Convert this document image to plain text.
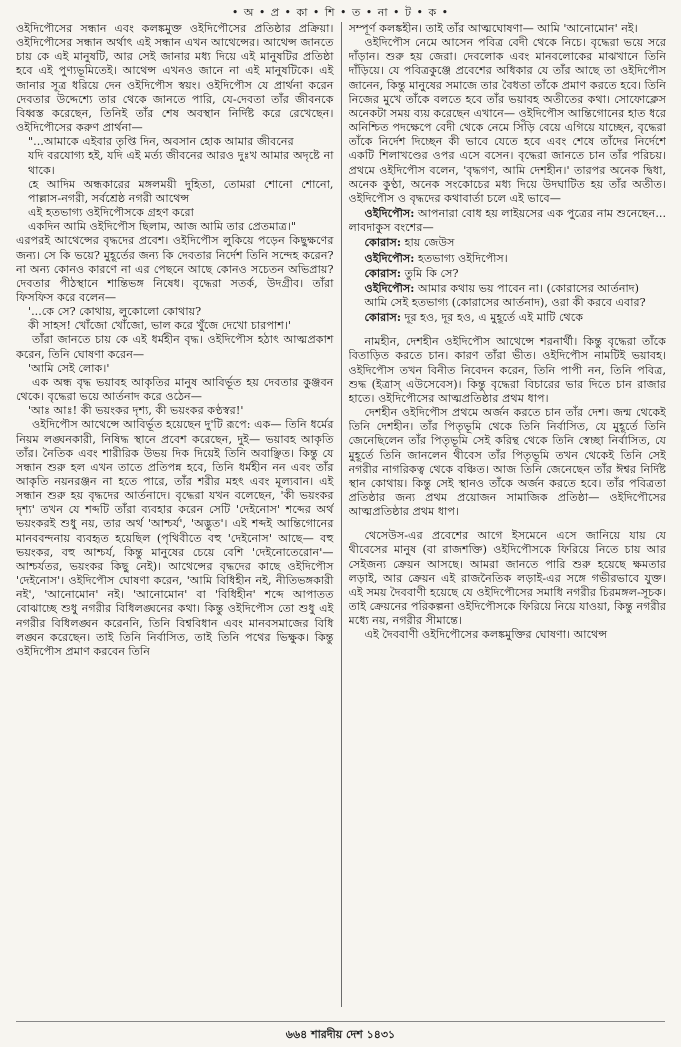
• অ • প্র • কা • শি • ত • না • ট • ক •

ওইদিপৌসের সন্ধান এবং কলঙ্কমুক্ত ওইদিপৌসের প্রতিষ্ঠার প্রক্রিয়া। ওইদিপৌসের সন্ধান অর্থাৎ এই সন্ধান এখন আথেন্সের। আথেন্স জানতে চায় কে এই মানুষটি, আর সেই জানার মধ্য দিয়ে এই মানুষটির প্রতিষ্ঠা হবে এই পুণ্যভূমিতেই। আথেন্স এখনও জানে না এই মানুষটিকে। এই জানার সূত্র ধরিয়ে দেন ওইদিপৌস স্বয়ং। ওইদিপৌস যে প্রার্থনা করেন দেবতার উদ্দেশ্যে তার থেকে জানতে পারি, যে-দেবতা তাঁর জীবনকে বিধ্বস্ত করেছেন, তিনিই তাঁর শেষ অবস্থান নির্দিষ্ট করে রেখেছেন। ওইদিপৌসের করুণ প্রার্থনা—

"...আমাকে এইবার তৃপ্তি দিন, অবসান হোক আমার জীবনের

যদি বরযোগ্য হই, যদি এই মর্ত্য জীবনের আরও দুঃখ আমার অদৃষ্টে না থাকে।

হে আদিম অন্ধকারের মঙ্গলময়ী দুহিতা, তোমরা শোনো শোনো, পাল্লাস-নগরী, সর্বশ্রেষ্ঠ নগরী আথেন্স

এই হতভাগ্য ওইদিপৌসকে গ্রহণ করো

একদিন আমি ওইদিপৌস ছিলাম, আজ আমি তার প্রেতমাত্র।"

এরপরই আথেন্সের বৃদ্ধদের প্রবেশ। ওইদিপৌস লুকিয়ে পড়েন কিছুক্ষণের জন্য। সে কি ভয়ে? মুহূর্তের জন্য কি দেবতার নির্দেশ তিনি সন্দেহ করেন? না অন্য কোনও কারণে না এর পেছনে আছে কোনও সচেতন অভিপ্রায়? দেবতার পীঠস্থানে শান্তিভঙ্গ নিষেধ। বৃদ্ধেরা সতর্ক, উদগ্রীব। তাঁরা ফিসফিস করে বলেন—

'...কে সে? কোথায়, লুকোলো কোথায়?

কী সাহস! খোঁজো খোঁজো, ভাল করে খুঁজে দেখো চারপাশ।'

তাঁরা জানতে চায় কে এই ধর্মহীন বৃদ্ধ। ওইদিপৌস হঠাৎ আত্মপ্রকাশ করেন, তিনি ঘোষণা করেন—

'আমি সেই লোক।'

এক অন্ধ বৃদ্ধ ভয়াবহ আকৃতির মানুষ আবির্ভূত হয় দেবতার কুঞ্জবন থেকে। বৃদ্ধেরা ভয়ে আর্তনাদ করে ওঠেন—

'আঃ আঃ! কী ভয়ংকর দৃশ্য, কী ভয়ংকর কণ্ঠস্বর!'

ওইদিপৌস আথেন্সে আবির্ভূত হয়েছেন দু'টি রূপে: এক— তিনি ধর্মের নিয়ম লঙ্ঘনকারী, নিষিদ্ধ স্থানে প্রবেশ করেছেন, দুই— ভয়াবহ আকৃতি তাঁর। নৈতিক এবং শারীরিক উভয় দিক দিয়েই তিনি অবাঞ্ছিত। কিন্তু যে সন্ধান শুরু হল এখন তাতে প্রতিপন্ন হবে, তিনি ধর্মহীন নন এবং তাঁর আকৃতি নয়নরঞ্জন না হতে পারে, তাঁর শরীর মহৎ এবং মূল্যবান। এই সন্ধান শুরু হয় বৃদ্ধদের আর্তনাদে। বৃদ্ধেরা যখন বলেছেন, 'কী ভয়ংকর দৃশ্য' তখন যে শব্দটি তাঁরা ব্যবহার করেন সেটি 'দেইনোস' শব্দের অর্থ ভয়ংকরই শুধু নয়, তার অর্থ 'আশ্চর্য', 'অদ্ভুত'। এই শব্দই আন্তিগোনের মানববন্দনায় ব্যবহৃত হয়েছিল (পৃথিবীতে বহু 'দেইনোস' আছে— বহু ভয়ংকর, বহু আশ্চর্য, কিন্তু মানুষের চেয়ে বেশি 'দেইনোতেরোন'— আশ্চর্যতর, ভয়ংকর কিছু নেই)। আথেন্সের বৃদ্ধদের কাছে ওইদিপৌস 'দেইনোস'। ওইদিপৌস ঘোষণা করেন, 'আমি বিধিহীন নই, নীতিভঙ্গকারী নই', 'আনোমোন' নই। 'আনোমোন' বা 'বিধিহীন' শব্দে আপাতত বোঝাচ্ছে শুধু নগরীর বিধিলঙ্ঘনের কথা। কিন্তু ওইদিপৌস তো শুধু এই নগরীর বিধিলঙ্ঘন করেননি, তিনি বিশ্ববিধান এবং মানবসমাজের বিধি লঙ্ঘন করেছেন। তাই তিনি নির্বাসিত, তাই তিনি পথের ভিক্ষুক। কিন্তু ওইদিপৌস প্রমাণ করবেন তিনি

সম্পূর্ণ কলঙ্কহীন। তাই তাঁর আত্মঘোষণা— আমি 'আনোমোন' নই।

ওইদিপৌস নেমে আসেন পবিত্র বেদী থেকে নিচে। বৃদ্ধেরা ভয়ে সরে দাঁড়ান। শুরু হয় জেরা। দেবলোক এবং মানবলোকের মাঝখানে তিনি দাঁড়িয়ে। যে পবিত্রকুঞ্জে প্রবেশের অধিকার যে তাঁর আছে তা ওইদিপৌস জানেন, কিন্তু মানুষের সমাজে তার বৈধতা তাঁকে প্রমাণ করতে হবে। তিনি নিজের মুখে তাঁকে বলতে হবে তাঁর ভয়াবহ অতীতের কথা। সোফোক্লেস অনেকটা সময় ব্যয় করেছেন এখানে— ওইদিপৌস আন্তিগোনের হাত ধরে অনিশ্চিত পদক্ষেপে বেদী থেকে নেমে সিঁড়ি বেয়ে এগিয়ে যাচ্ছেন, বৃদ্ধেরা তাঁকে নির্দেশ দিচ্ছেন কী ভাবে যেতে হবে এবং শেষে তাঁদের নির্দেশে একটি শিলাখণ্ডের ওপর এসে বসেন। বৃদ্ধেরা জানতে চান তাঁর পরিচয়। প্রথমে ওইদিপৌস বলেন, 'বৃদ্ধগণ, আমি দেশহীন।' তারপর অনেক দ্বিধা, অনেক কুণ্ঠা, অনেক সংকোচের মধ্য দিয়ে উদঘাটিত হয় তাঁর অতীত। ওইদিপৌস ও বৃদ্ধদের কথাবার্তা চলে এই ভাবে—

ওইদিপৌস: আপনারা বোধ হয় লাইয়সের এক পুত্রের নাম শুনেছেন... লাবদাকুস বংশের—

কোরাস: হায় জেউস

ওইদিপৌস: হতভাগ্য ওইদিপৌস।

কোরাস: তুমি কি সে?

ওইদিপৌস: আমার কথায় ভয় পাবেন না। (কোরাসের আর্তনাদ)

আমি সেই হতভাগ্য (কোরাসের আর্তনাদ), ওরা কী করবে এবার?

কোরাস: দূর হও, দূর হও, এ মুহূর্তে এই মাটি থেকে

নামহীন, দেশহীন ওইদিপৌস আথেন্সে শরনার্থী। কিন্তু বৃদ্ধেরা তাঁকে বিতাড়িত করতে চান। কারণ তাঁরা ভীত। ওইদিপৌস নামটিই ভয়াবহ। ওইদিপৌস তখন বিনীত নিবেদন করেন, তিনি পাপী নন, তিনি পবিত্র, শুদ্ধ (ইত্রাস্ এউসেবেস)। কিন্তু বৃদ্ধেরা বিচারের ভার দিতে চান রাজার হাতে। ওইদিপৌসের আত্মপ্রতিষ্ঠার প্রথম ধাপ।

দেশহীন ওইদিপৌস প্রথমে অর্জন করতে চান তাঁর দেশ। জন্ম থেকেই তিনি দেশহীন। তাঁর পিতৃভূমি থেকে তিনি নির্বাসিত, যে মুহূর্তে তিনি জেনেছিলেন তাঁর পিতৃভূমি সেই করিন্থ থেকে তিনি স্বেচ্ছা নির্বাসিত, যে মুহূর্তে তিনি জানলেন থীবেস তাঁর পিতৃভূমি তখন থেকেই তিনি সেই নগরীর নাগরিকত্ব থেকে বঞ্চিত। আজ তিনি জেনেছেন তাঁর ঈশ্বর নির্দিষ্ট স্থান কোথায়। কিন্তু সেই স্থানও তাঁকে অর্জন করতে হবে। তাঁর পবিত্রতা প্রতিষ্ঠার জন্য প্রথম প্রয়োজন সামাজিক প্রতিষ্ঠা— ওইদিপৌসের আত্মপ্রতিষ্ঠার প্রথম ধাপ।

থেসেউস-এর প্রবেশের আগে ইসমেনে এসে জানিয়ে যায় যে থীবেসের মানুষ (বা রাজশক্তি) ওইদিপৌসকে ফিরিয়ে নিতে চায় আর সেইজন্য ক্রেয়ন আসছে। আমরা জানতে পারি শুরু হয়েছে ক্ষমতার লড়াই, আর ক্রেয়ন এই রাজনৈতিক লড়াই-এর সঙ্গে গভীরভাবে যুক্ত। এই সময় দৈববাণী হয়েছে যে ওইদিপৌসের সমাধি নগরীর চিরমঙ্গল-সূচক। তাই ক্রেয়নের পরিকল্পনা ওইদিপৌসকে ফিরিয়ে নিয়ে যাওয়া, কিন্তু নগরীর মধ্যে নয়, নগরীর সীমান্তে।

এই দৈববাণী ওইদিপৌসের কলঙ্কমুক্তির ঘোষণা। আথেন্স

৬৬৪ শারদীয় দেশ ১৪৩১
